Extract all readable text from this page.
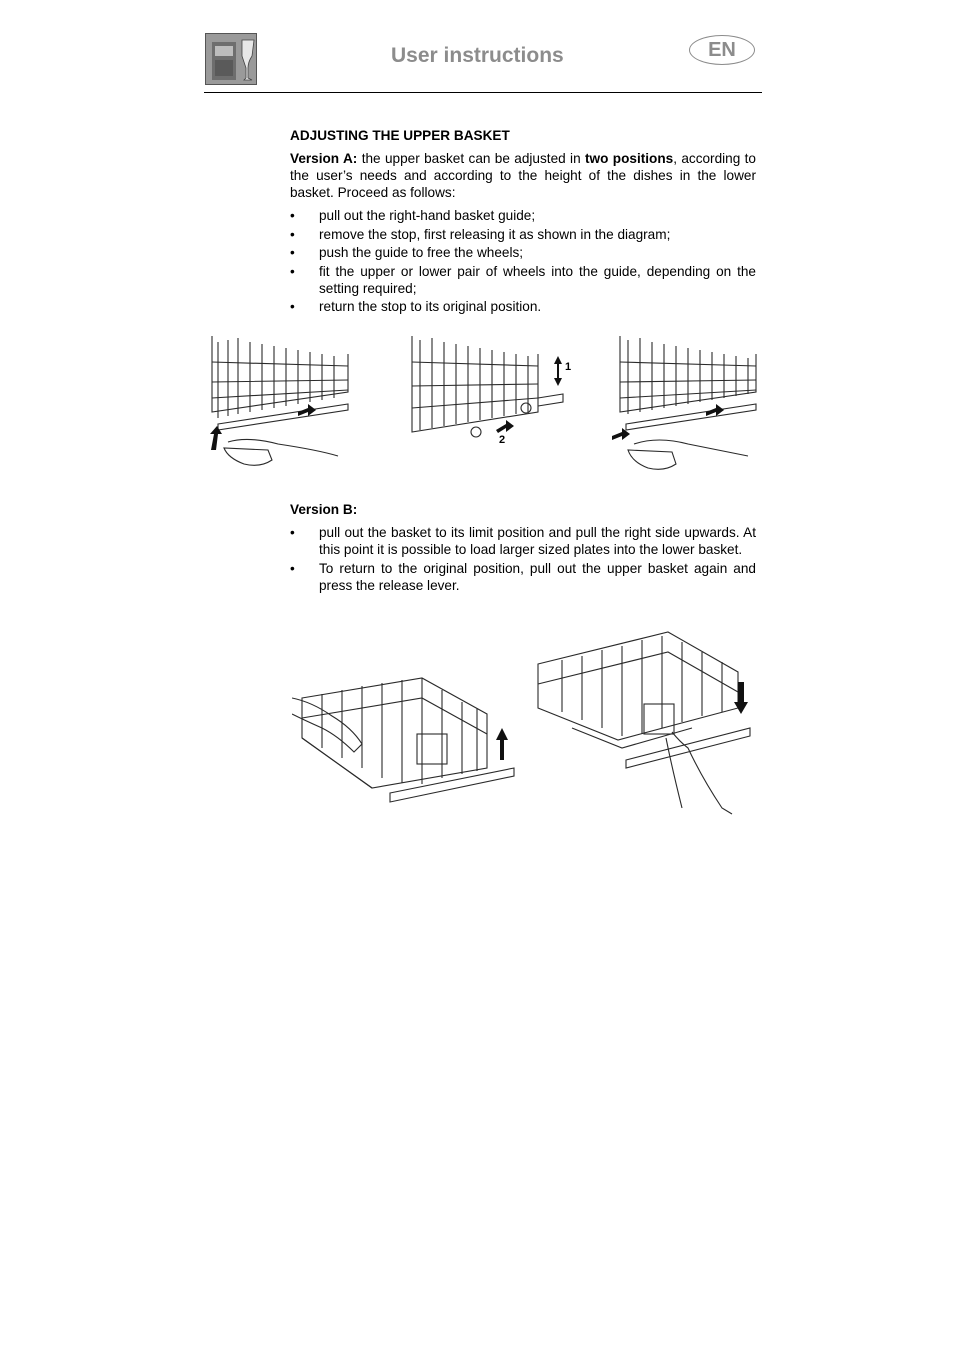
User instructions	EN
ADJUSTING THE UPPER BASKET
Version A: the upper basket can be adjusted in two positions, according to the user’s needs and according to the height of the dishes in the lower basket. Proceed as follows:
• pull out the right-hand basket guide;
• remove the stop, first releasing it as shown in the diagram;
• push the guide to free the wheels;
• fit the upper or lower pair of wheels into the guide, depending on the setting required;
• return the stop to its original position.
1
2
Version B:
• pull out the basket to its limit position and pull the right side upwards. At this point it is possible to load larger sized plates into the lower basket.
• To return to the original position, pull out the upper basket again and press the release lever.
